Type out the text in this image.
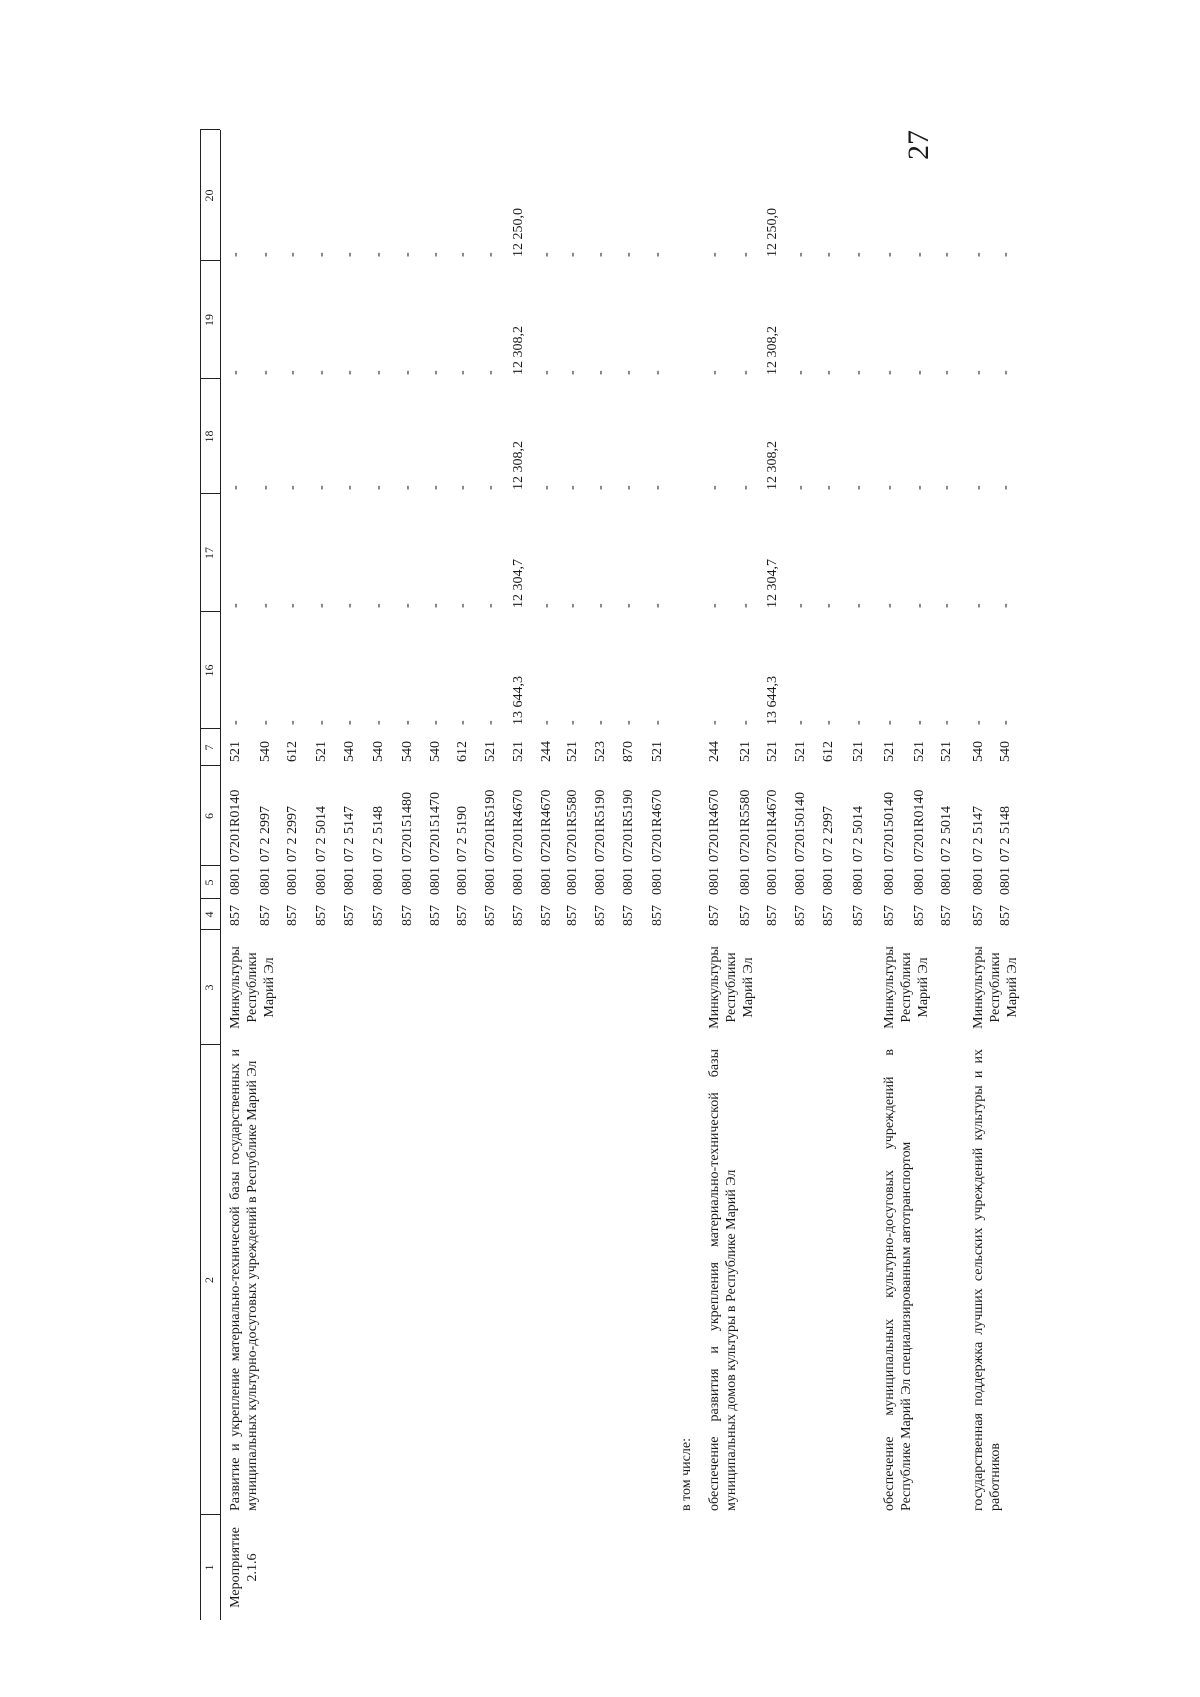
27
1
2
3
4
5
6
7
16
17
18
19
20
Мероприятие 2.1.6
Развитие и укрепление материально-технической базы государственных и муниципальных культурно-досуговых учреждений в Республике Марий Эл
Минкультуры Республики Марий Эл
857
0801
07201R0140
521
-
-
-
-
-
857
0801
07 2 2997
540
-
-
-
-
-
857
0801
07 2 2997
612
-
-
-
-
-
857
0801
07 2 5014
521
-
-
-
-
-
857
0801
07 2 5147
540
-
-
-
-
-
857
0801
07 2 5148
540
-
-
-
-
-
857
0801
0720151480
540
-
-
-
-
-
857
0801
0720151470
540
-
-
-
-
-
857
0801
07 2 5190
612
-
-
-
-
-
857
0801
07201R5190
521
-
-
-
-
-
857
0801
07201R4670
521
13 644,3
12 304,7
12 308,2
12 308,2
12 250,0
857
0801
07201R4670
244
-
-
-
-
-
857
0801
07201R5580
521
-
-
-
-
-
857
0801
07201R5190
523
-
-
-
-
-
857
0801
07201R5190
870
-
-
-
-
-
857
0801
07201R4670
521
-
-
-
-
-
в том числе: обеспечение развития и укрепления материально-технической базы муниципальных домов культуры в Республике Марий Эл
Минкультуры Республики Марий Эл
857
0801
07201R4670
244
-
-
-
-
-
857
0801
07201R5580
521
-
-
-
-
-
857
0801
07201R4670
521
13 644,3
12 304,7
12 308,2
12 308,2
12 250,0
857
0801
0720150140
521
-
-
-
-
-
857
0801
07 2 2997
612
-
-
-
-
-
857
0801
07 2 5014
521
-
-
-
-
-
обеспечение муниципальных культурно-досуговых учреждений в Республике Марий Эл специализированным автотранспортом
Минкультуры Республики Марий Эл
857
0801
0720150140
521
-
-
-
-
-
857
0801
07201R0140
521
-
-
-
-
-
857
0801
07 2 5014
521
-
-
-
-
-
государственная поддержка лучших сельских учреждений культуры и их работников
Минкультуры Республики Марий Эл
857
0801
07 2 5147
540
-
-
-
-
-
857
0801
07 2 5148
540
-
-
-
-
-
